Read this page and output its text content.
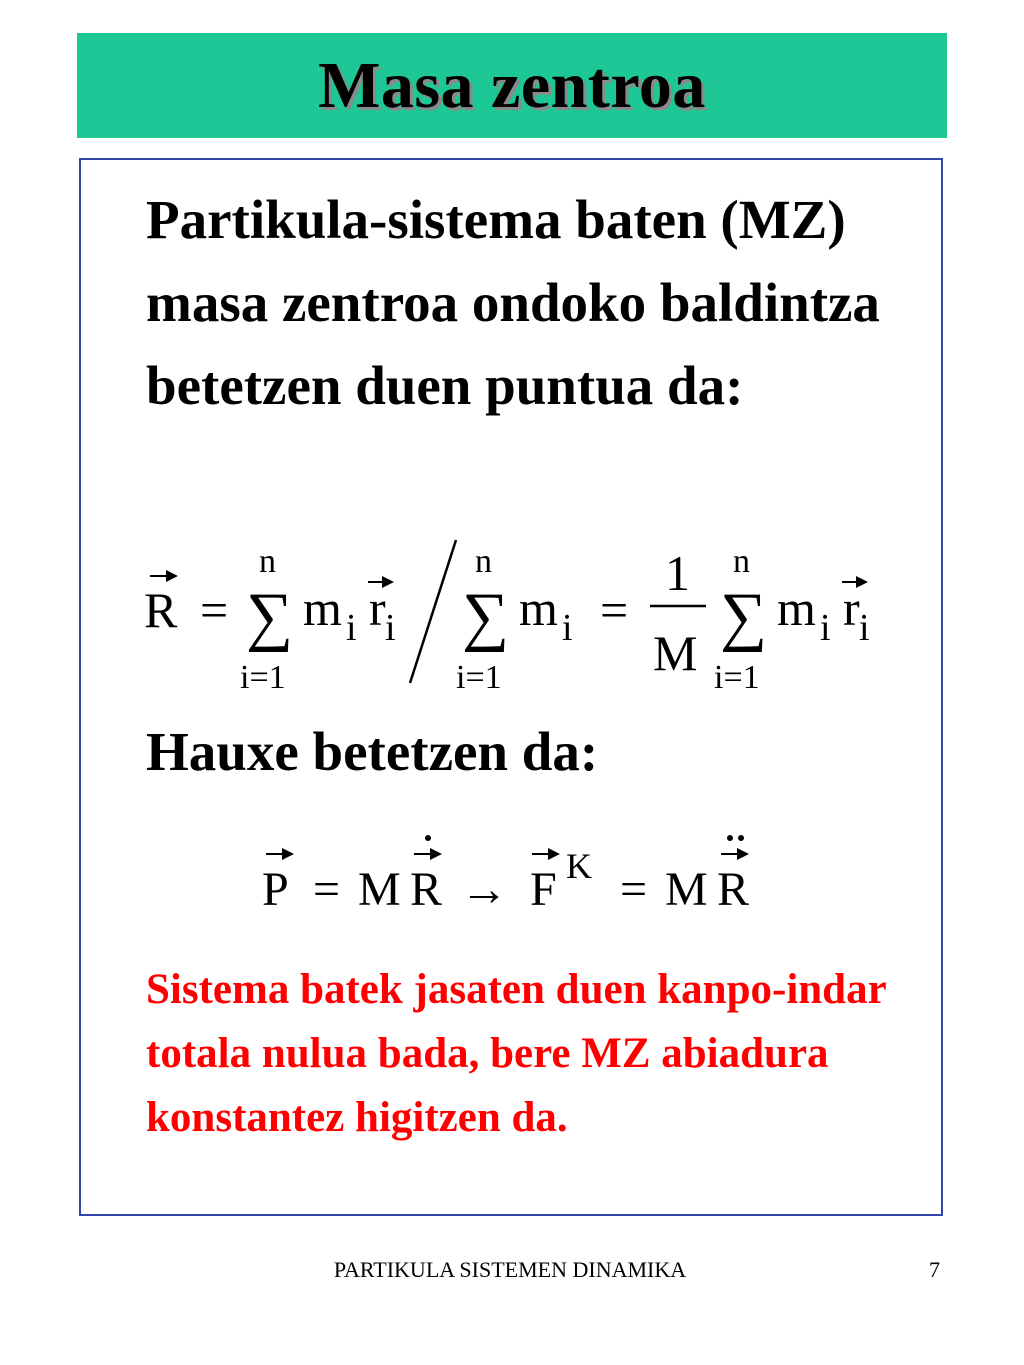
Masa zentroa
Partikula-sistema baten (MZ) masa zentroa ondoko baldintza betetzen duen puntua da:
R =
n
∑
i=1
m i r i
n
∑
i=1
m i =
1
M
n
∑
i=1
m i r i
Hauxe betetzen da:
P = M R → F K = M R
Sistema batek jasaten duen kanpo-indar totala nulua bada, bere MZ abiadura konstantez higitzen da.
PARTIKULA SISTEMEN DINAMIKA	7
